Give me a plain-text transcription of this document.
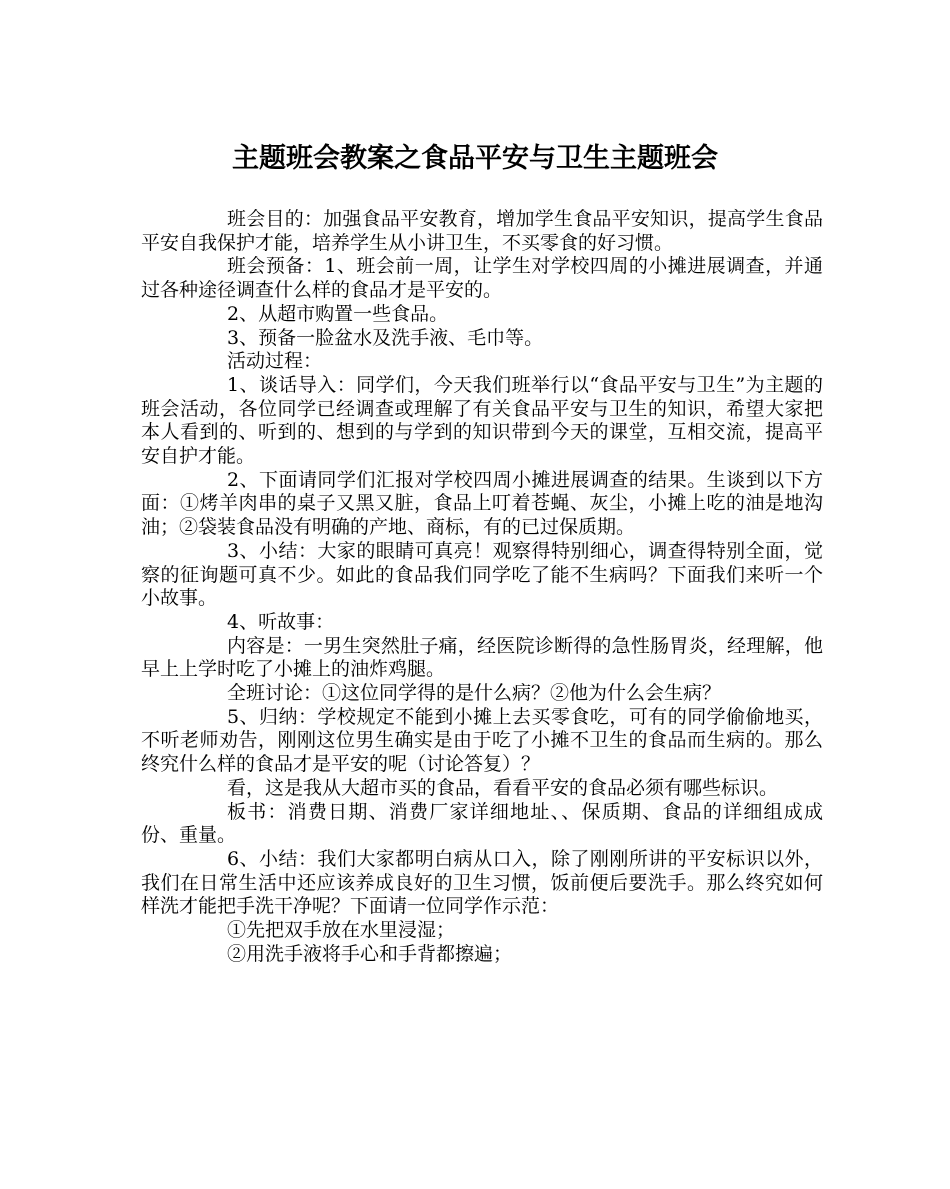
主题班会教案之食品平安与卫生主题班会

班会目的：加强食品平安教育，增加学生食品平安知识，提高学生食品平安自我保护才能，培养学生从小讲卫生，不买零食的好习惯。

班会预备：1、班会前一周，让学生对学校四周的小摊进展调查，并通过各种途径调查什么样的食品才是平安的。

2、从超市购置一些食品。

3、预备一脸盆水及洗手液、毛巾等。

活动过程：

1、谈话导入：同学们，今天我们班举行以“食品平安与卫生”为主题的班会活动，各位同学已经调查或理解了有关食品平安与卫生的知识，希望大家把本人看到的、听到的、想到的与学到的知识带到今天的课堂，互相交流，提高平安自护才能。

2、下面请同学们汇报对学校四周小摊进展调查的结果。生谈到以下方面：①烤羊肉串的桌子又黑又脏，食品上叮着苍蝇、灰尘，小摊上吃的油是地沟油；②袋装食品没有明确的产地、商标，有的已过保质期。

3、小结：大家的眼睛可真亮！观察得特别细心，调查得特别全面，觉察的征询题可真不少。如此的食品我们同学吃了能不生病吗？下面我们来听一个小故事。

4、听故事：

内容是：一男生突然肚子痛，经医院诊断得的急性肠胃炎，经理解，他早上上学时吃了小摊上的油炸鸡腿。

全班讨论：①这位同学得的是什么病？②他为什么会生病？

5、归纳：学校规定不能到小摊上去买零食吃，可有的同学偷偷地买，不听老师劝告，刚刚这位男生确实是由于吃了小摊不卫生的食品而生病的。那么终究什么样的食品才是平安的呢（讨论答复）？

看，这是我从大超市买的食品，看看平安的食品必须有哪些标识。

板书：消费日期、消费厂家详细地址、、保质期、食品的详细组成成份、重量。

6、小结：我们大家都明白病从口入，除了刚刚所讲的平安标识以外，我们在日常生活中还应该养成良好的卫生习惯，饭前便后要洗手。那么终究如何样洗才能把手洗干净呢？下面请一位同学作示范：

①先把双手放在水里浸湿；

②用洗手液将手心和手背都擦遍；
